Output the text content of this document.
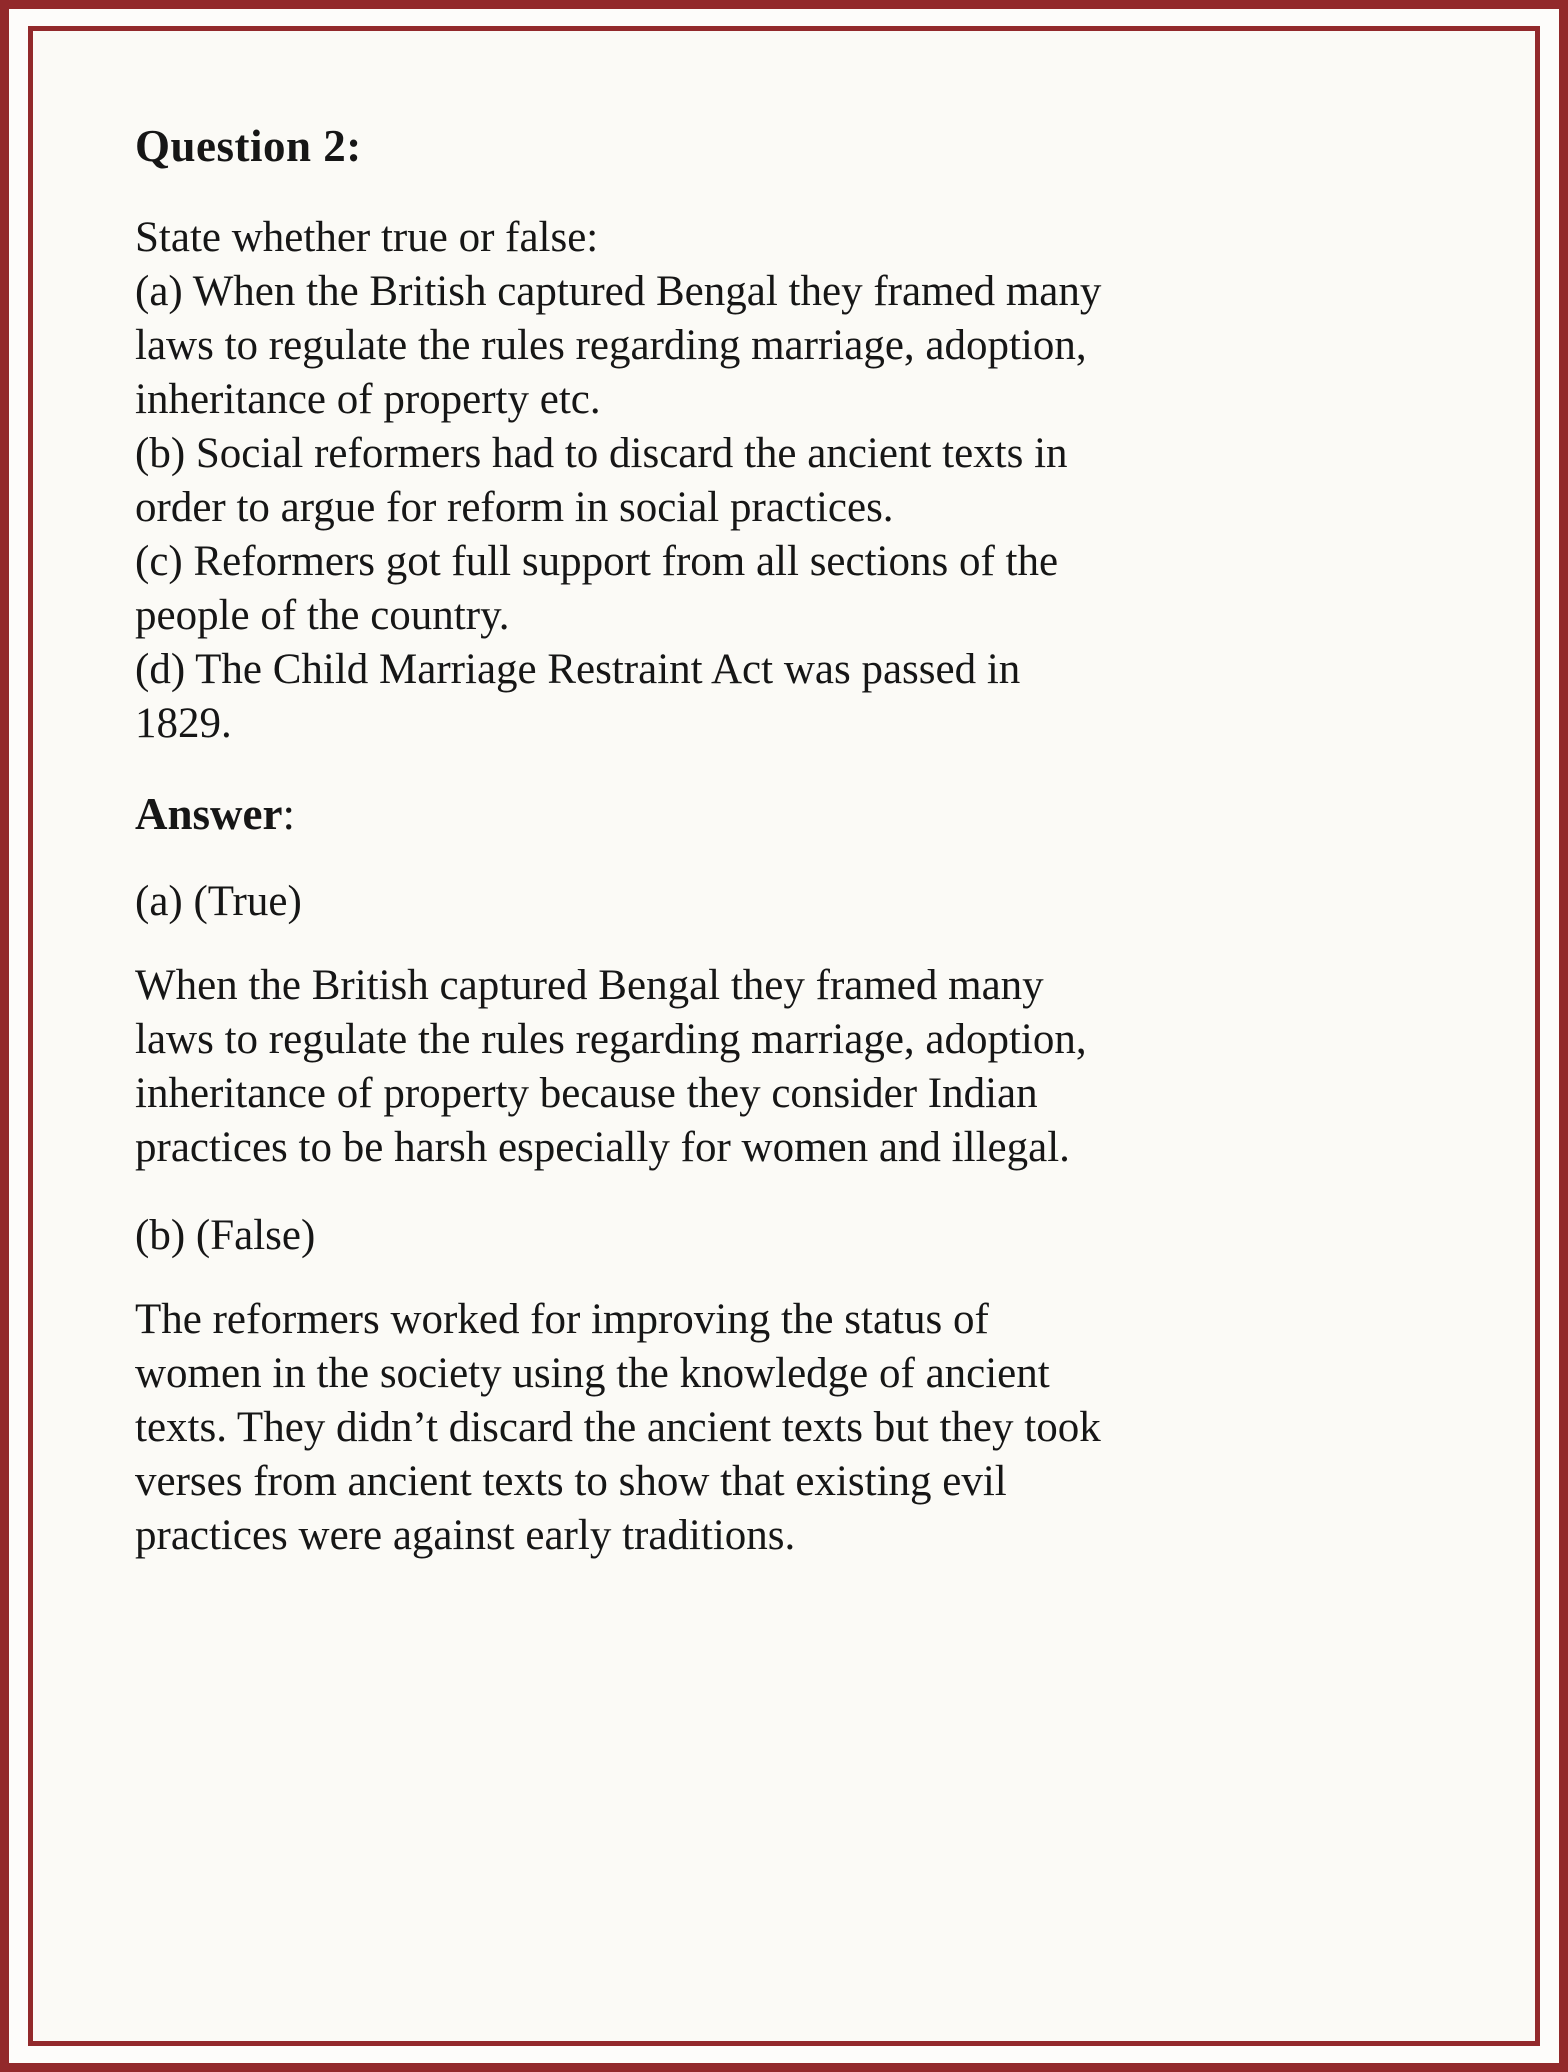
Question 2:

State whether true or false:

(a) When the British captured Bengal they framed many laws to regulate the rules regarding marriage, adoption, inheritance of property etc.

(b) Social reformers had to discard the ancient texts in order to argue for reform in social practices.

(c) Reformers got full support from all sections of the people of the country.

(d) The Child Marriage Restraint Act was passed in 1829.

Answer:

(a) (True)

When the British captured Bengal they framed many laws to regulate the rules regarding marriage, adoption, inheritance of property because they consider Indian practices to be harsh especially for women and illegal.

(b) (False)

The reformers worked for improving the status of women in the society using the knowledge of ancient texts. They didn’t discard the ancient texts but they took verses from ancient texts to show that existing evil practices were against early traditions.
